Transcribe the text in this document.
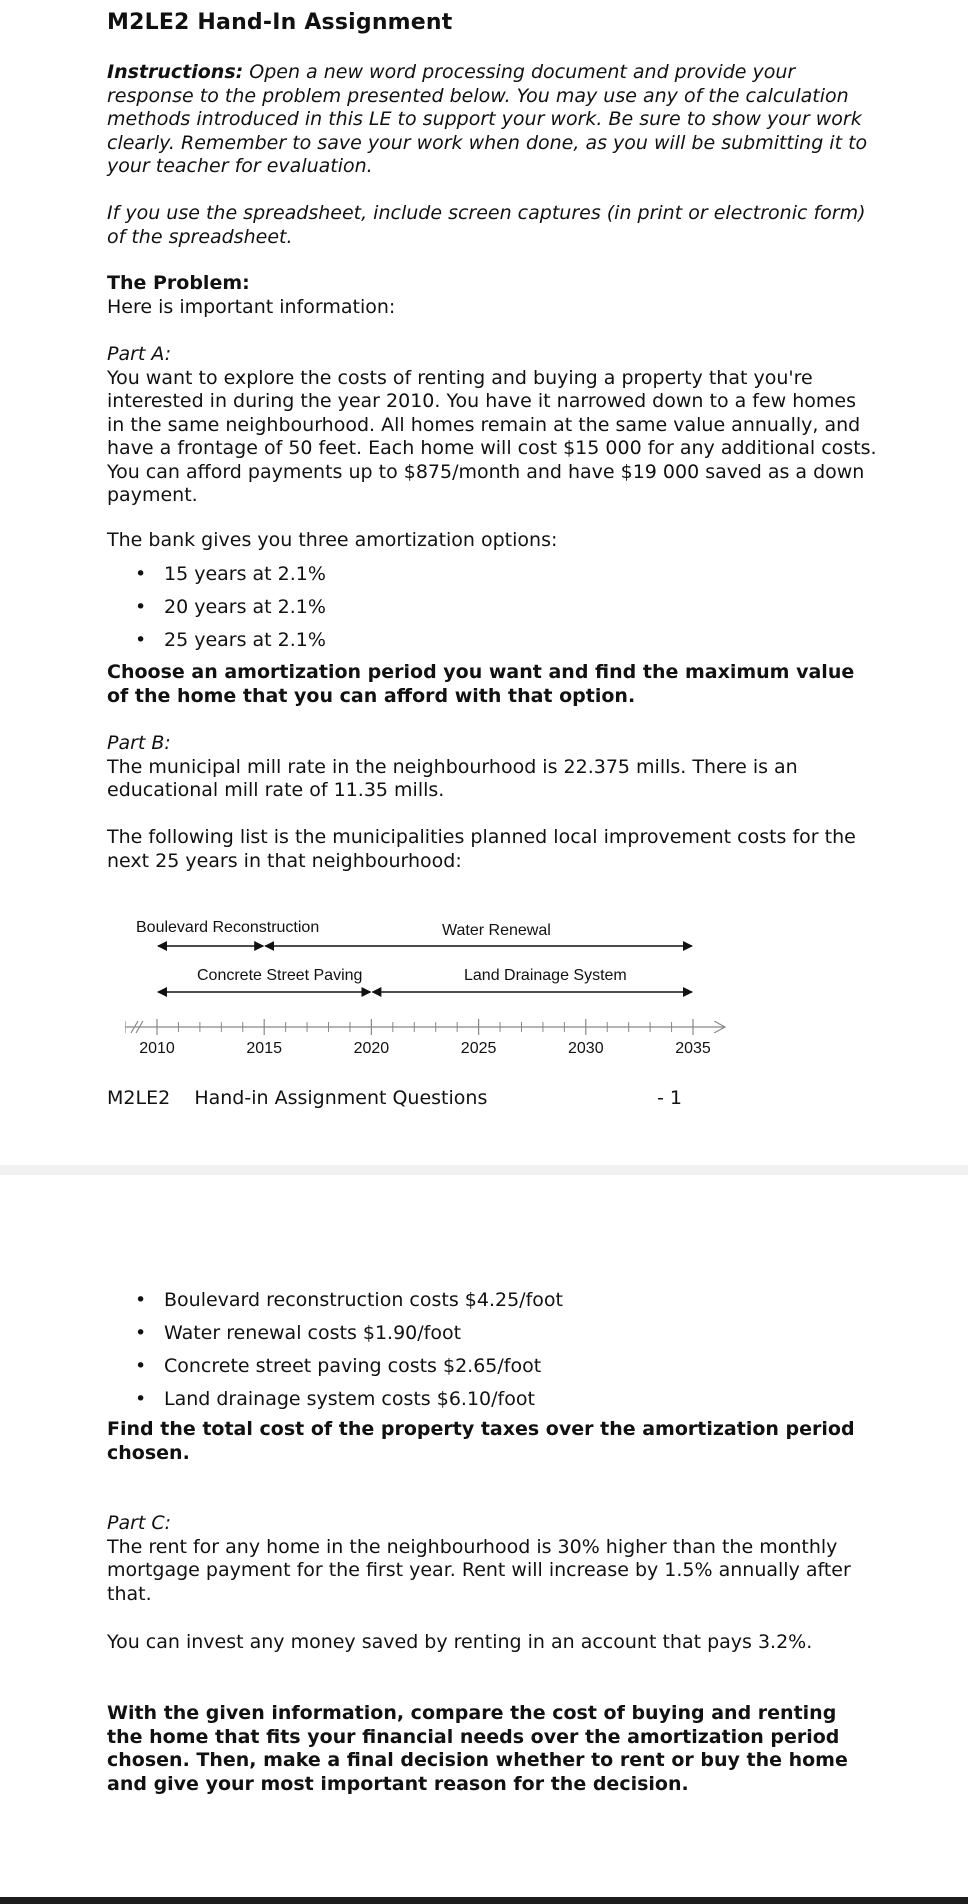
M2LE2 Hand-In Assignment

Instructions: Open a new word processing document and provide your response to the problem presented below. You may use any of the calculation methods introduced in this LE to support your work. Be sure to show your work clearly. Remember to save your work when done, as you will be submitting it to your teacher for evaluation.

If you use the spreadsheet, include screen captures (in print or electronic form) of the spreadsheet.

The Problem:

Here is important information:

Part A:

You want to explore the costs of renting and buying a property that you're interested in during the year 2010. You have it narrowed down to a few homes in the same neighbourhood. All homes remain at the same value annually, and have a frontage of 50 feet. Each home will cost $15 000 for any additional costs. You can afford payments up to $875/month and have $19 000 saved as a down payment.

The bank gives you three amortization options:

• 15 years at 2.1%
• 20 years at 2.1%
• 25 years at 2.1%

Choose an amortization period you want and find the maximum value of the home that you can afford with that option.

Part B:

The municipal mill rate in the neighbourhood is 22.375 mills. There is an educational mill rate of 11.35 mills.

The following list is the municipalities planned local improvement costs for the next 25 years in that neighbourhood:

Boulevard Reconstruction	Water Renewal
Concrete Street Paving	Land Drainage System
2010	2015	2020	2025	2030	2035
M2LE2    Hand-in Assignment Questions	- 1
• Boulevard reconstruction costs $4.25/foot
• Water renewal costs $1.90/foot
• Concrete street paving costs $2.65/foot
• Land drainage system costs $6.10/foot

Find the total cost of the property taxes over the amortization period chosen.

Part C:

The rent for any home in the neighbourhood is 30% higher than the monthly mortgage payment for the first year. Rent will increase by 1.5% annually after that.

You can invest any money saved by renting in an account that pays 3.2%.

With the given information, compare the cost of buying and renting the home that fits your financial needs over the amortization period chosen. Then, make a final decision whether to rent or buy the home and give your most important reason for the decision.
